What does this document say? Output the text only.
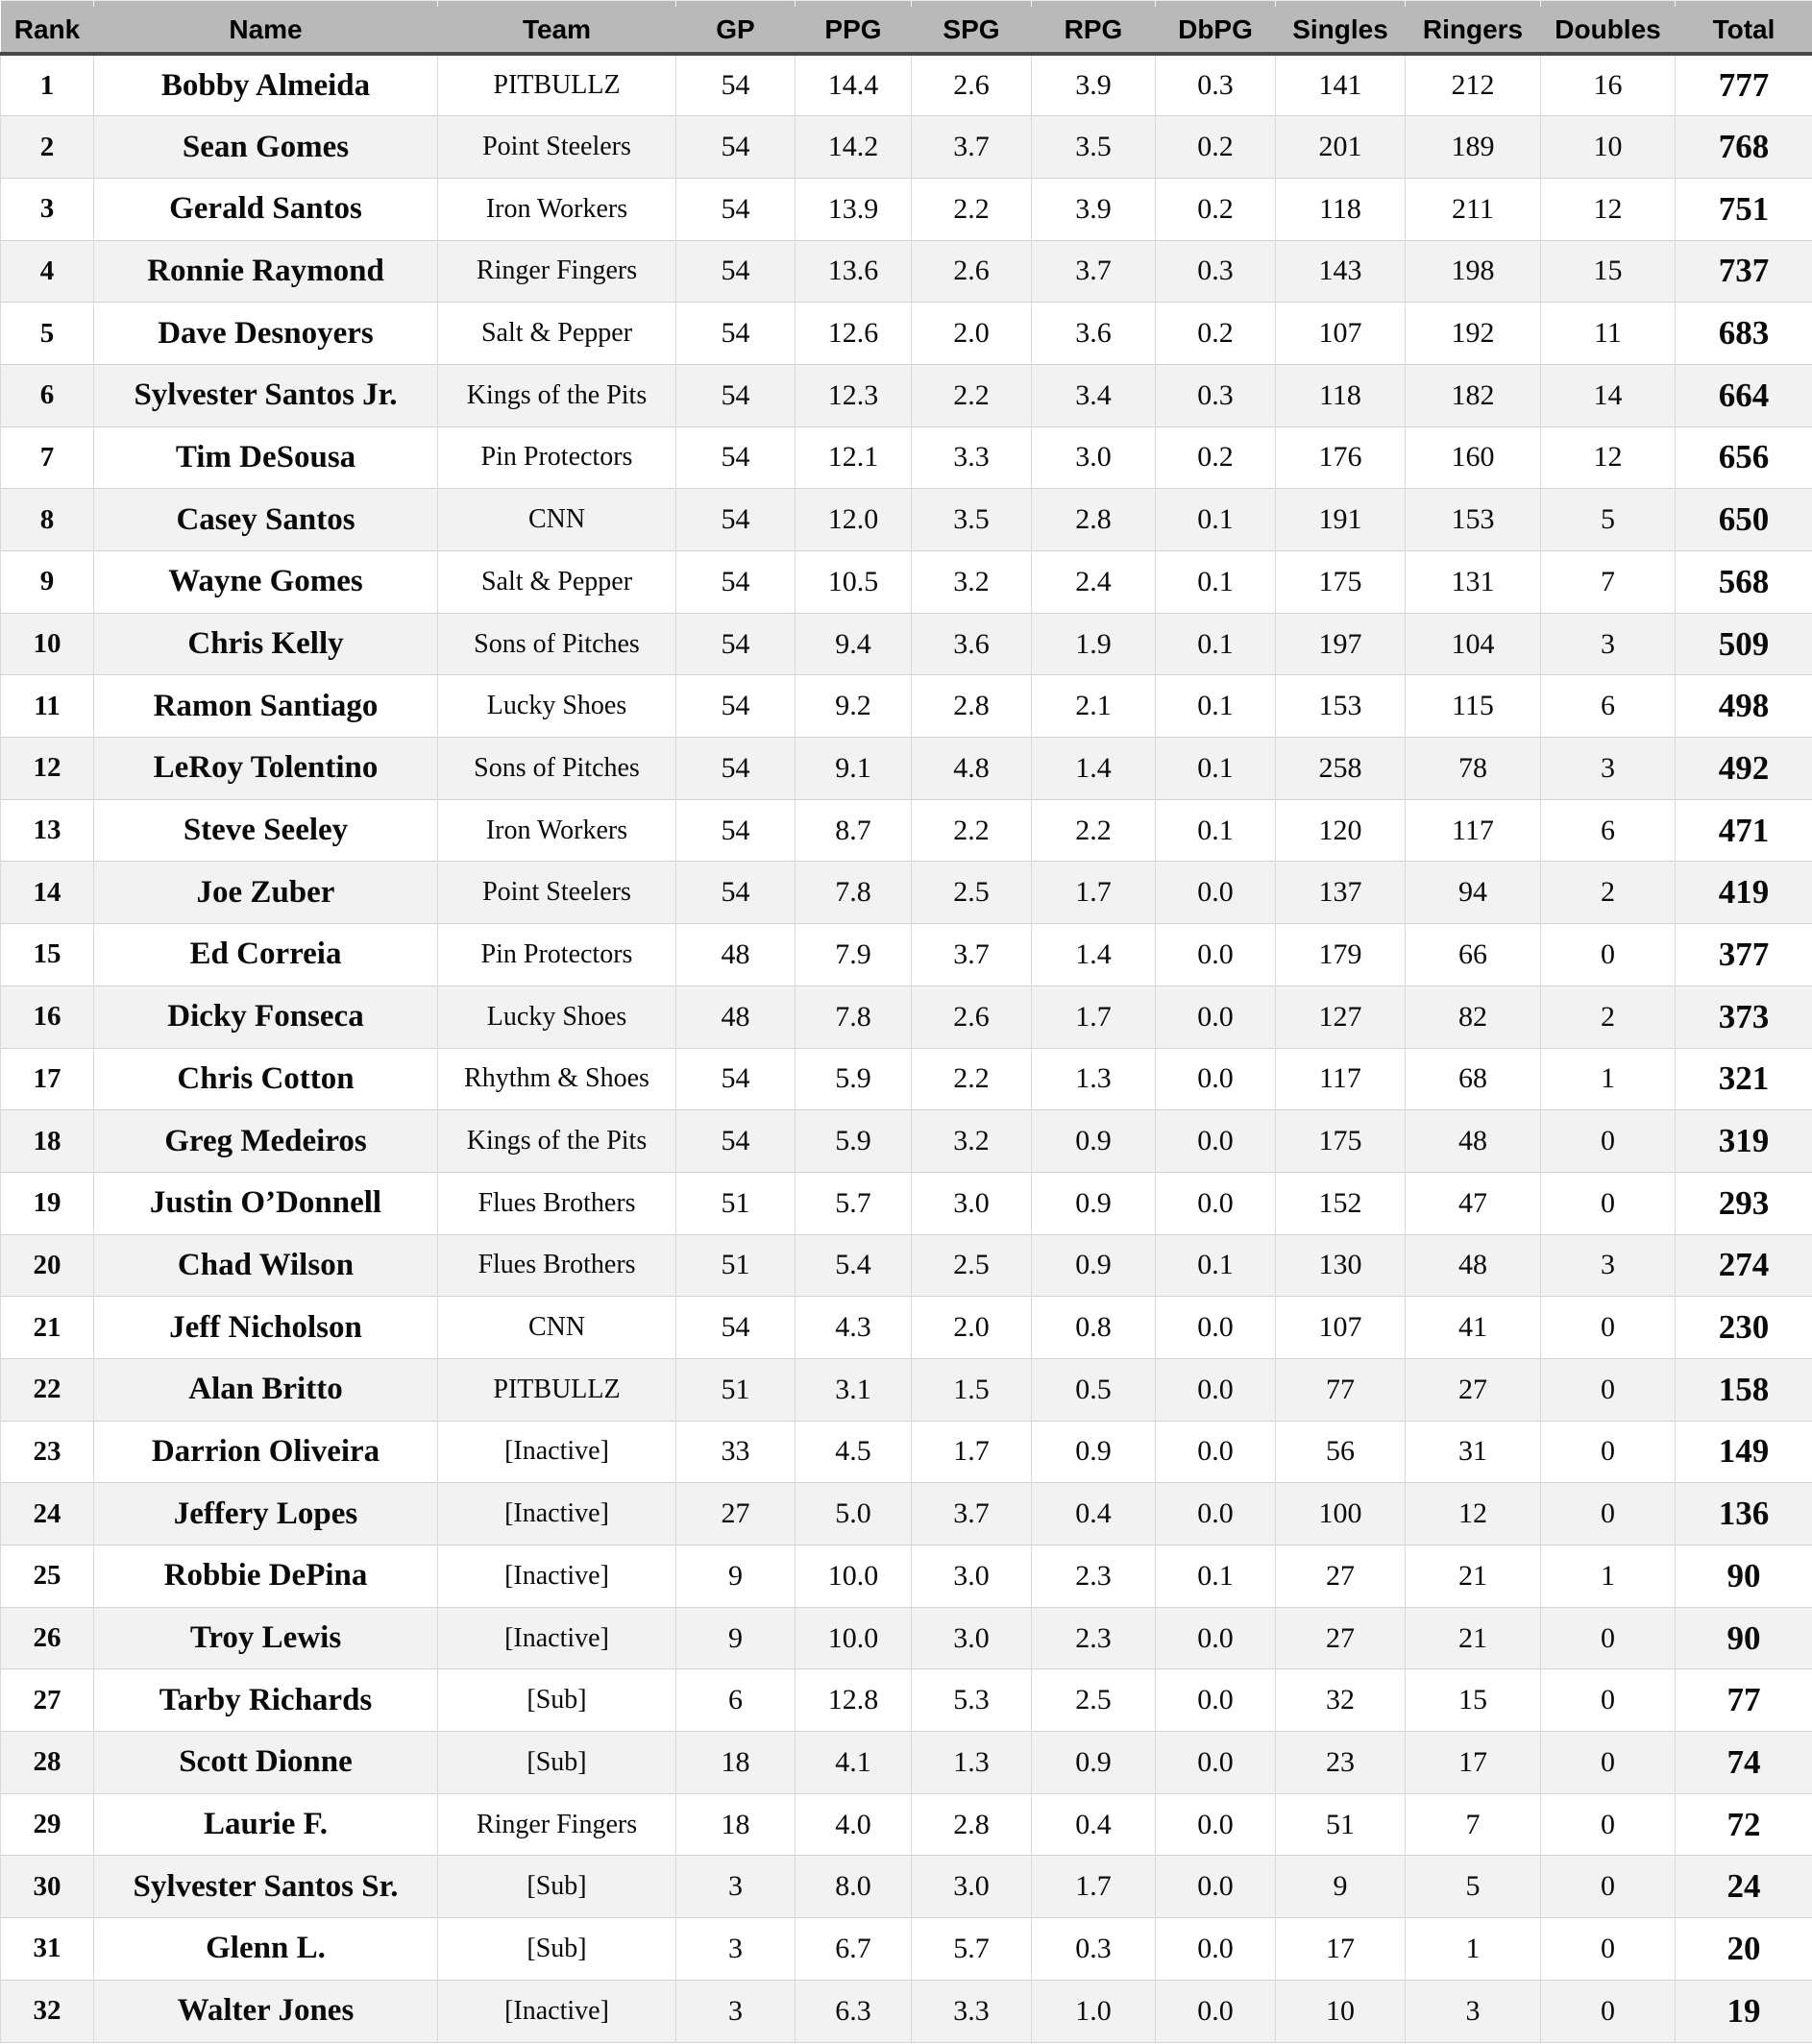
Rank	Name	Team	GP	PPG	SPG	RPG	DbPG	Singles	Ringers	Doubles	Total
1	Bobby Almeida	PITBULLZ	54	14.4	2.6	3.9	0.3	141	212	16	777
2	Sean Gomes	Point Steelers	54	14.2	3.7	3.5	0.2	201	189	10	768
3	Gerald Santos	Iron Workers	54	13.9	2.2	3.9	0.2	118	211	12	751
4	Ronnie Raymond	Ringer Fingers	54	13.6	2.6	3.7	0.3	143	198	15	737
5	Dave Desnoyers	Salt & Pepper	54	12.6	2.0	3.6	0.2	107	192	11	683
6	Sylvester Santos Jr.	Kings of the Pits	54	12.3	2.2	3.4	0.3	118	182	14	664
7	Tim DeSousa	Pin Protectors	54	12.1	3.3	3.0	0.2	176	160	12	656
8	Casey Santos	CNN	54	12.0	3.5	2.8	0.1	191	153	5	650
9	Wayne Gomes	Salt & Pepper	54	10.5	3.2	2.4	0.1	175	131	7	568
10	Chris Kelly	Sons of Pitches	54	9.4	3.6	1.9	0.1	197	104	3	509
11	Ramon Santiago	Lucky Shoes	54	9.2	2.8	2.1	0.1	153	115	6	498
12	LeRoy Tolentino	Sons of Pitches	54	9.1	4.8	1.4	0.1	258	78	3	492
13	Steve Seeley	Iron Workers	54	8.7	2.2	2.2	0.1	120	117	6	471
14	Joe Zuber	Point Steelers	54	7.8	2.5	1.7	0.0	137	94	2	419
15	Ed Correia	Pin Protectors	48	7.9	3.7	1.4	0.0	179	66	0	377
16	Dicky Fonseca	Lucky Shoes	48	7.8	2.6	1.7	0.0	127	82	2	373
17	Chris Cotton	Rhythm & Shoes	54	5.9	2.2	1.3	0.0	117	68	1	321
18	Greg Medeiros	Kings of the Pits	54	5.9	3.2	0.9	0.0	175	48	0	319
19	Justin O’Donnell	Flues Brothers	51	5.7	3.0	0.9	0.0	152	47	0	293
20	Chad Wilson	Flues Brothers	51	5.4	2.5	0.9	0.1	130	48	3	274
21	Jeff Nicholson	CNN	54	4.3	2.0	0.8	0.0	107	41	0	230
22	Alan Britto	PITBULLZ	51	3.1	1.5	0.5	0.0	77	27	0	158
23	Darrion Oliveira	[Inactive]	33	4.5	1.7	0.9	0.0	56	31	0	149
24	Jeffery Lopes	[Inactive]	27	5.0	3.7	0.4	0.0	100	12	0	136
25	Robbie DePina	[Inactive]	9	10.0	3.0	2.3	0.1	27	21	1	90
26	Troy Lewis	[Inactive]	9	10.0	3.0	2.3	0.0	27	21	0	90
27	Tarby Richards	[Sub]	6	12.8	5.3	2.5	0.0	32	15	0	77
28	Scott Dionne	[Sub]	18	4.1	1.3	0.9	0.0	23	17	0	74
29	Laurie F.	Ringer Fingers	18	4.0	2.8	0.4	0.0	51	7	0	72
30	Sylvester Santos Sr.	[Sub]	3	8.0	3.0	1.7	0.0	9	5	0	24
31	Glenn L.	[Sub]	3	6.7	5.7	0.3	0.0	17	1	0	20
32	Walter Jones	[Inactive]	3	6.3	3.3	1.0	0.0	10	3	0	19
